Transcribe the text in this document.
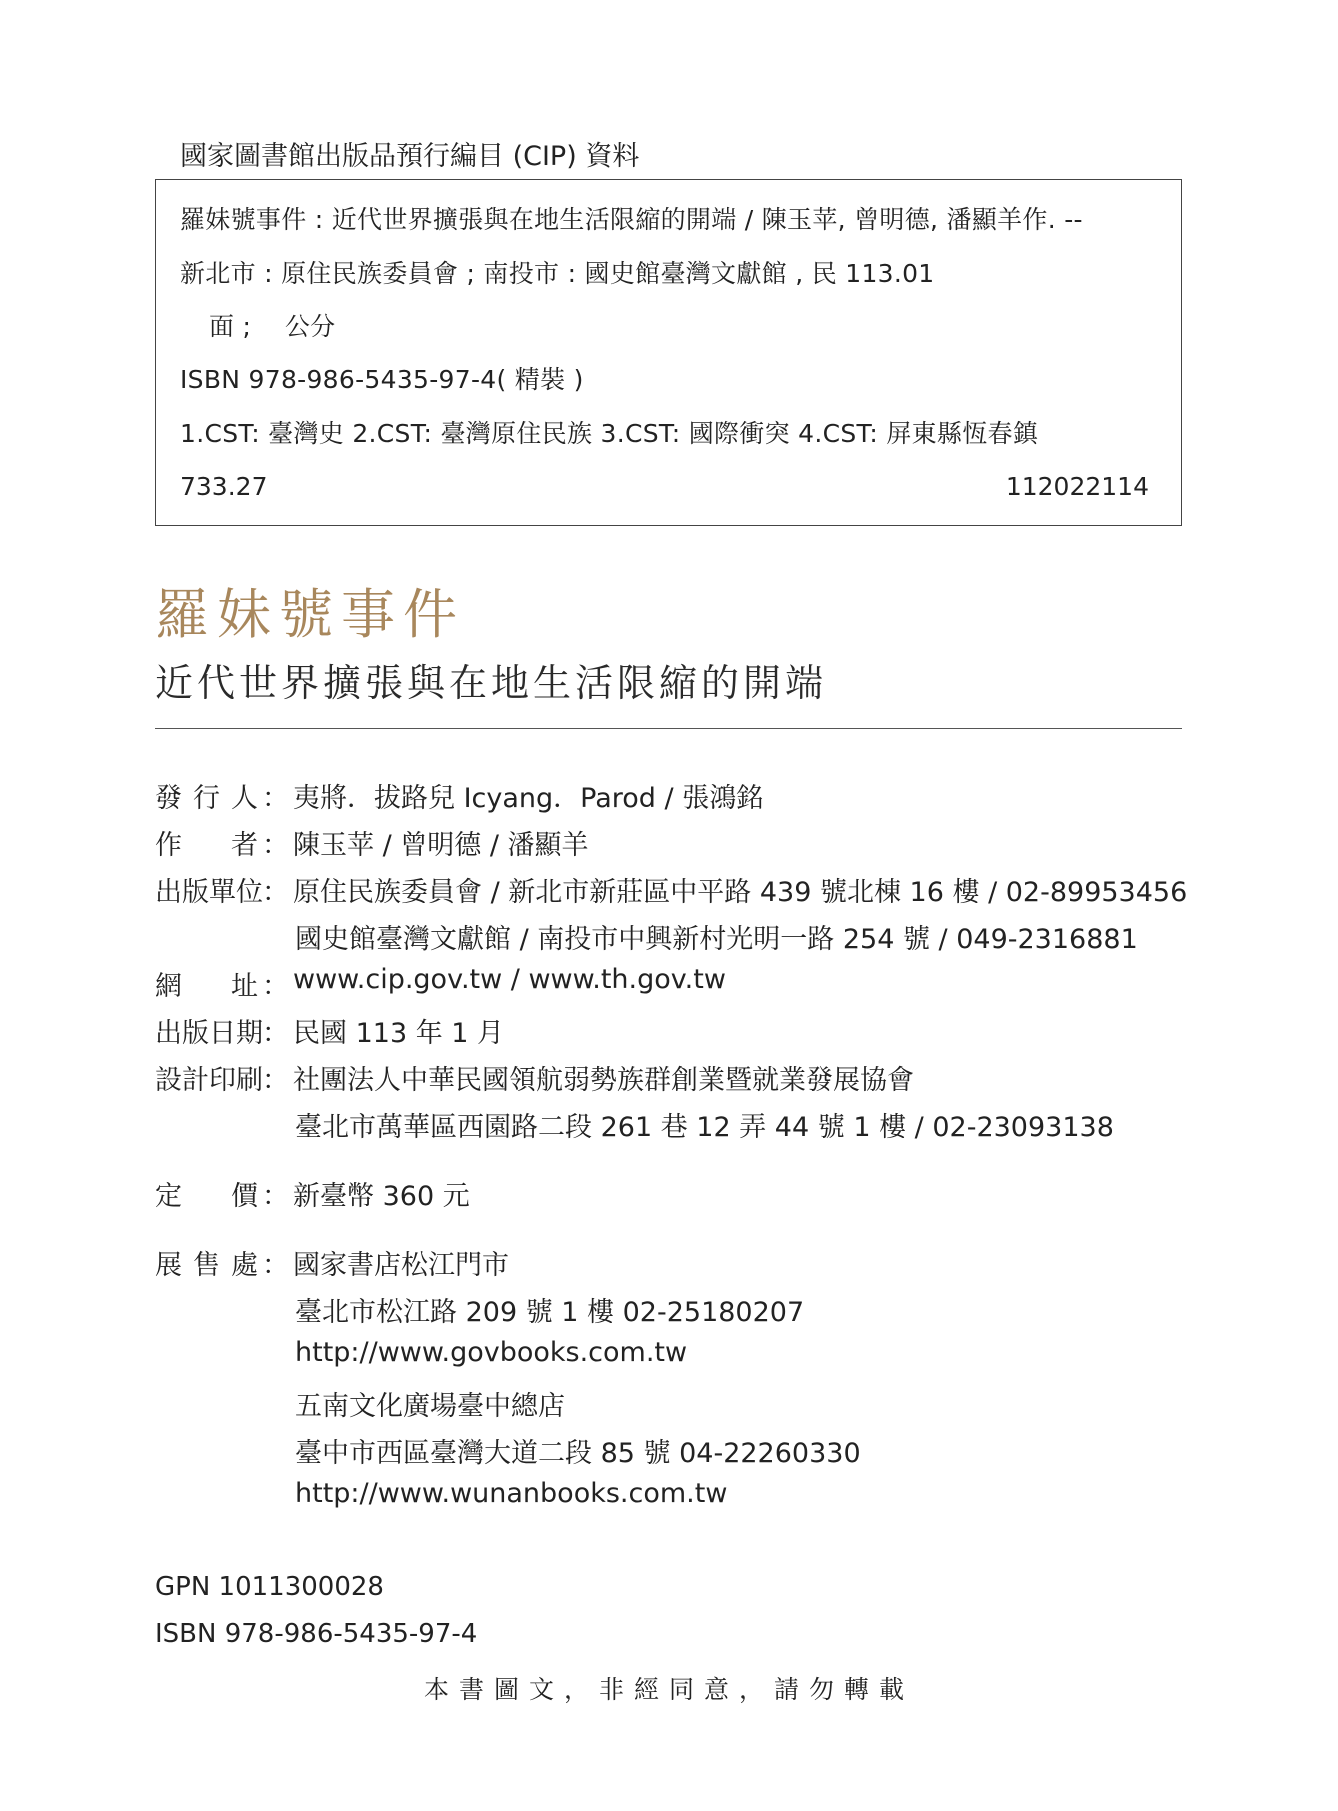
國家圖書館出版品預行編目 (CIP) 資料
羅妹號事件 : 近代世界擴張與在地生活限縮的開端 / 陳玉苹, 曾明德, 潘顯羊作. --
新北市 : 原住民族委員會 ; 南投市 : 國史館臺灣文獻館 , 民 113.01
面 ;　 公分
ISBN 978-986-5435-97-4( 精裝 )
1.CST: 臺灣史 2.CST: 臺灣原住民族 3.CST: 國際衝突 4.CST: 屏東縣恆春鎮
733.27	112022114
羅妹號事件
近代世界擴張與在地生活限縮的開端
發 行 人 ： 夷將．拔路兒 Icyang．Parod / 張鴻銘
作 者 ： 陳玉苹 / 曾明德 / 潘顯羊
出版單位 ： 原住民族委員會 / 新北市新莊區中平路 439 號北棟 16 樓 / 02-89953456
國史館臺灣文獻館 / 南投市中興新村光明一路 254 號 / 049-2316881
網 址 ： www.cip.gov.tw / www.th.gov.tw
出版日期 ： 民國 113 年 1 月
設計印刷 ： 社團法人中華民國領航弱勢族群創業暨就業發展協會
臺北市萬華區西園路二段 261 巷 12 弄 44 號 1 樓 / 02-23093138
定 價 ： 新臺幣 360 元
展 售 處 ： 國家書店松江門市
臺北市松江路 209 號 1 樓 02-25180207
http://www.govbooks.com.tw
五南文化廣場臺中總店
臺中市西區臺灣大道二段 85 號 04-22260330
http://www.wunanbooks.com.tw
GPN 1011300028
ISBN 978-986-5435-97-4
本書圖文，非經同意，請勿轉載
